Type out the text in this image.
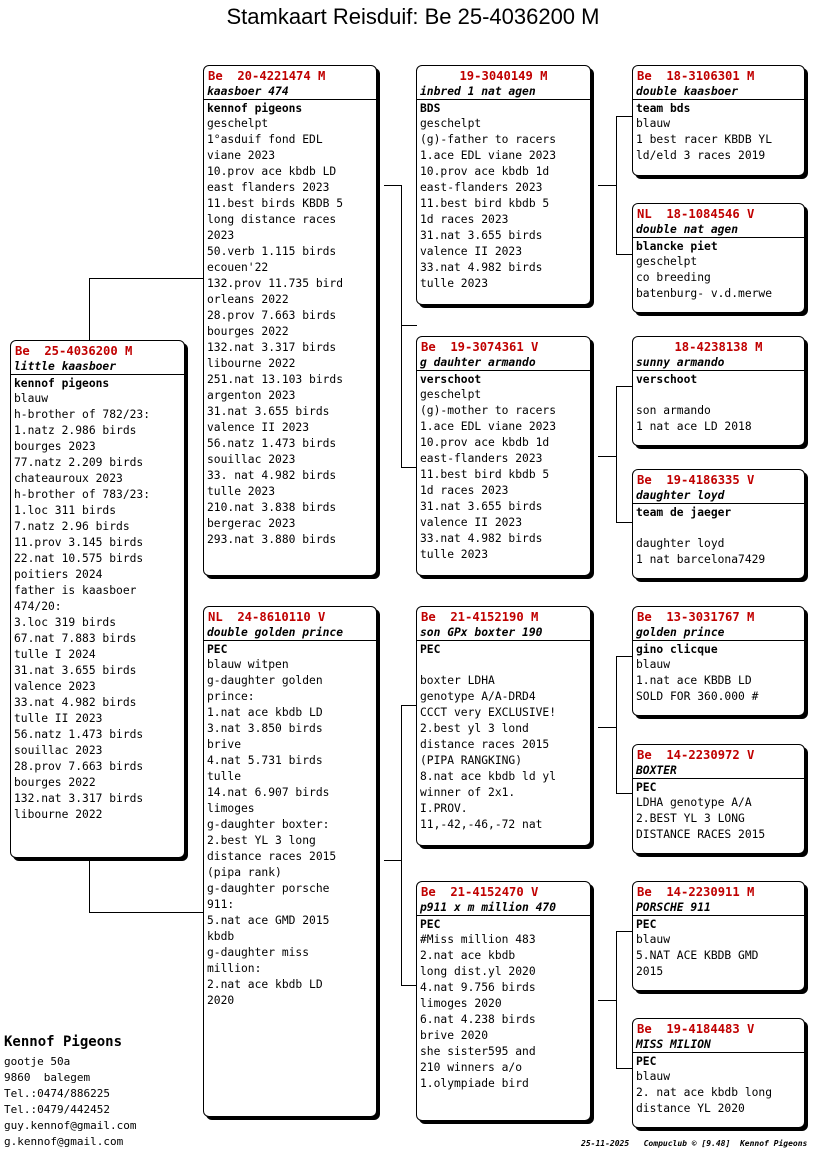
Stamkaart Reisduif: Be 25-4036200 M
Be  25-4036200 M
little kaasboer
kennof pigeons
blauw
h-brother of 782/23:
1.natz 2.986 birds
bourges 2023
77.natz 2.209 birds
chateauroux 2023
h-brother of 783/23:
1.loc 311 birds
7.natz 2.96 birds
11.prov 3.145 birds
22.nat 10.575 birds
poitiers 2024
father is kaasboer
474/20:
3.loc 319 birds
67.nat 7.883 birds
tulle I 2024
31.nat 3.655 birds
valence 2023
33.nat 4.982 birds
tulle II 2023
56.natz 1.473 birds
souillac 2023
28.prov 7.663 birds
bourges 2022
132.nat 3.317 birds
libourne 2022
Be  20-4221474 M
kaasboer 474
kennof pigeons
geschelpt
1°asduif fond EDL
viane 2023
10.prov ace kbdb LD
east flanders 2023
11.best birds KBDB 5
long distance races
2023
50.verb 1.115 birds
ecouen'22
132.prov 11.735 bird
orleans 2022
28.prov 7.663 birds
bourges 2022
132.nat 3.317 birds
libourne 2022
251.nat 13.103 birds
argenton 2023
31.nat 3.655 birds
valence II 2023
56.natz 1.473 birds
souillac 2023
33. nat 4.982 birds
tulle 2023
210.nat 3.838 birds
bergerac 2023
293.nat 3.880 birds
NL  24-8610110 V
double golden prince
PEC
blauw witpen
g-daughter golden
prince:
1.nat ace kbdb LD
3.nat 3.850 birds
brive
4.nat 5.731 birds
tulle
14.nat 6.907 birds
limoges
g-daughter boxter:
2.best YL 3 long
distance races 2015
(pipa rank)
g-daughter porsche
911:
5.nat ace GMD 2015
kbdb
g-daughter miss
million:
2.nat ace kbdb LD
2020
19-3040149 M
inbred 1 nat agen
BDS
geschelpt
(g)-father to racers
1.ace EDL viane 2023
10.prov ace kbdb 1d
east-flanders 2023
11.best bird kbdb 5
1d races 2023
31.nat 3.655 birds
valence II 2023
33.nat 4.982 birds
tulle 2023
Be  19-3074361 V
g dauhter armando
verschoot
geschelpt
(g)-mother to racers
1.ace EDL viane 2023
10.prov ace kbdb 1d
east-flanders 2023
11.best bird kbdb 5
1d races 2023
31.nat 3.655 birds
valence II 2023
33.nat 4.982 birds
tulle 2023
Be  21-4152190 M
son GPx boxter 190
PEC
boxter LDHA
genotype A/A-DRD4
CCCT very EXCLUSIVE!
2.best yl 3 lond
distance races 2015
(PIPA RANGKING)
8.nat ace kbdb ld yl
winner of 2x1.
I.PROV.
11,-42,-46,-72 nat
Be  21-4152470 V
p911 x m million 470
PEC
#Miss million 483
2.nat ace kbdb
long dist.yl 2020
4.nat 9.756 birds
limoges 2020
6.nat 4.238 birds
brive 2020
she sister595 and
210 winners a/o
1.olympiade bird
Be  18-3106301 M
double kaasboer
team bds
blauw
1 best racer KBDB YL
ld/eld 3 races 2019
NL  18-1084546 V
double nat agen
blancke piet
geschelpt
co breeding
batenburg- v.d.merwe
18-4238138 M
sunny armando
verschoot
son armando
1 nat ace LD 2018
Be  19-4186335 V
daughter loyd
team de jaeger
daughter loyd
1 nat barcelona7429
Be  13-3031767 M
golden prince
gino clicque
blauw
1.nat ace KBDB LD
SOLD FOR 360.000 #
Be  14-2230972 V
BOXTER
PEC
LDHA genotype A/A
2.BEST YL 3 LONG
DISTANCE RACES 2015
Be  14-2230911 M
PORSCHE 911
PEC
blauw
5.NAT ACE KBDB GMD
2015
Be  19-4184483 V
MISS MILION
PEC
blauw
2. nat ace kbdb long
distance YL 2020
Kennof Pigeons
gootje 50a
9860  balegem
Tel.:0474/886225
Tel.:0479/442452
guy.kennof@gmail.com
g.kennof@gmail.com	25-11-2025   Compuclub © [9.48]  Kennof Pigeons
